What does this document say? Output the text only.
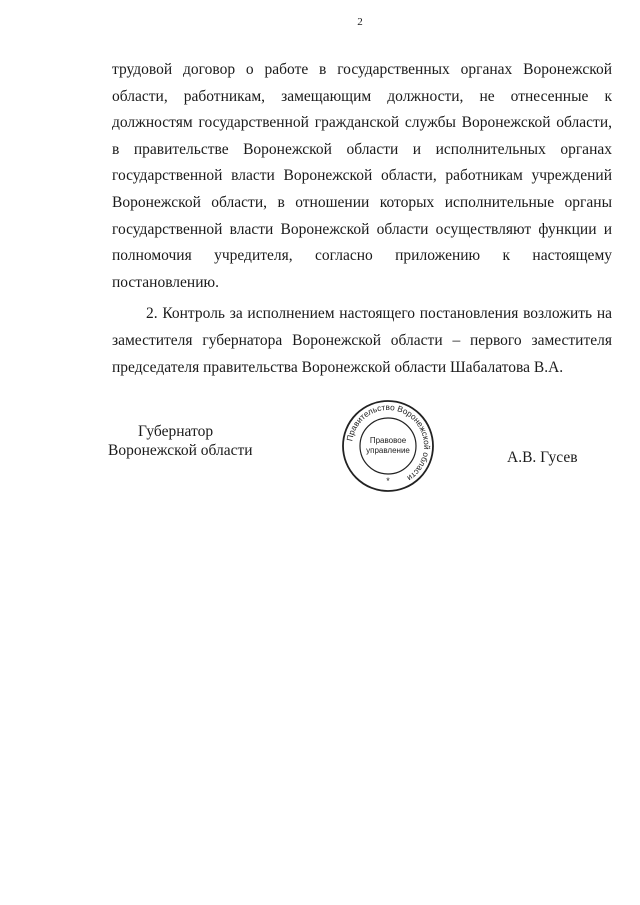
2

трудовой договор о работе в государственных органах Воронежской области, работникам, замещающим должности, не отнесенные к должностям государственной гражданской службы Воронежской области, в правительстве Воронежской области и исполнительных органах государственной власти Воронежской области, работникам учреждений Воронежской области, в отношении которых исполнительные органы государственной власти Воронежской области осуществляют функции и полномочия учредителя, согласно приложению к настоящему постановлению.

2. Контроль за исполнением настоящего постановления возложить на заместителя губернатора Воронежской области – первого заместителя председателя правительства Воронежской области Шабалатова В.А.

Губернатор
Воронежской области
Правительство Воронежской области
*
Правовое
управление	А.В. Гусев
